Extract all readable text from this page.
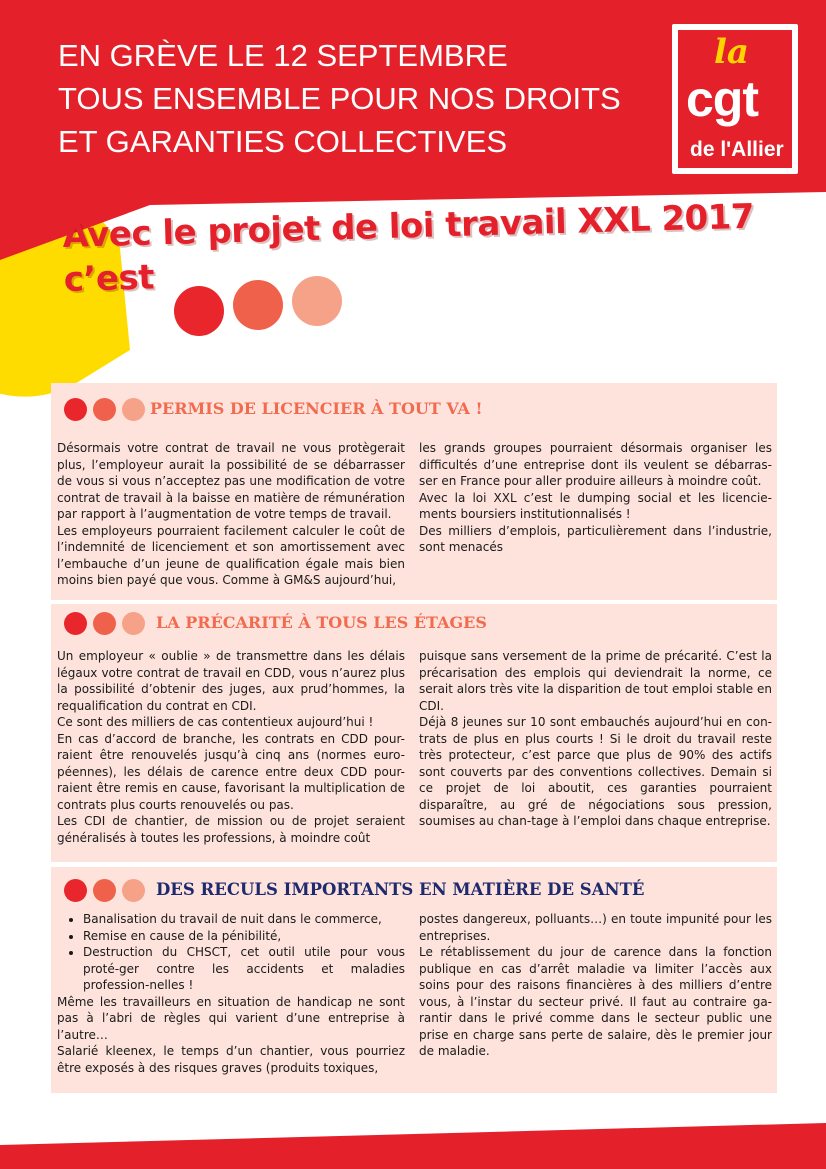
EN GRÈVE LE 12 SEPTEMBRE
TOUS ENSEMBLE POUR NOS DROITS
ET GARANTIES COLLECTIVES
la
cgt
de l'Allier
Avec le projet de loi travail XXL 2017
c’est
PERMIS DE LICENCIER À TOUT VA !

Désormais votre contrat de travail ne vous protègerait plus, l’employeur aurait la possibilité de se débarrasser de vous si vous n’acceptez pas une modification de votre contrat de travail à la baisse en matière de rémunération par rapport à l’augmentation de votre temps de travail.

Les employeurs pourraient facilement calculer le coût de l’indemnité de licenciement et son amortissement avec l’embauche d’un jeune de qualification égale mais bien moins bien payé que vous. Comme à GM&S aujourd’hui,

les grands groupes pourraient désormais organiser les difficultés d’une entreprise dont ils veulent se débarras-ser en France pour aller produire ailleurs à moindre coût.

Avec la loi XXL c’est le dumping social et les licencie-ments boursiers institutionnalisés !

Des milliers d’emplois, particulièrement dans l’industrie, sont menacés

LA PRÉCARITÉ À TOUS LES ÉTAGES

Un employeur « oublie » de transmettre dans les délais légaux votre contrat de travail en CDD, vous n’aurez plus la possibilité d’obtenir des juges, aux prud’hommes, la requalification du contrat en CDI.

Ce sont des milliers de cas contentieux aujourd’hui !

En cas d’accord de branche, les contrats en CDD pour-raient être renouvelés jusqu’à cinq ans (normes euro-péennes), les délais de carence entre deux CDD pour-raient être remis en cause, favorisant la multiplication de contrats plus courts renouvelés ou pas.

Les CDI de chantier, de mission ou de projet seraient généralisés à toutes les professions, à moindre coût

puisque sans versement de la prime de précarité. C’est la précarisation des emplois qui deviendrait la norme, ce serait alors très vite la disparition de tout emploi stable en CDI.

Déjà 8 jeunes sur 10 sont embauchés aujourd’hui en con-trats de plus en plus courts ! Si le droit du travail reste très protecteur, c’est parce que plus de 90% des actifs sont couverts par des conventions collectives. Demain si ce projet de loi aboutit, ces garanties pourraient disparaître, au gré de négociations sous pression, soumises au chan-tage à l’emploi dans chaque entreprise.

DES RECULS IMPORTANTS EN MATIÈRE DE SANTÉ
• Banalisation du travail de nuit dans le commerce,
• Remise en cause de la pénibilité,
• Destruction du CHSCT, cet outil utile pour vous proté-ger contre les accidents et maladies profession-nelles !

Même les travailleurs en situation de handicap ne sont pas à l’abri de règles qui varient d’une entreprise à l’autre…

Salarié kleenex, le temps d’un chantier, vous pourriez être exposés à des risques graves (produits toxiques,

postes dangereux, polluants…) en toute impunité pour les entreprises.

Le rétablissement du jour de carence dans la fonction publique en cas d’arrêt maladie va limiter l’accès aux soins pour des raisons financières à des milliers d’entre vous, à l’instar du secteur privé. Il faut au contraire ga-rantir dans le privé comme dans le secteur public une prise en charge sans perte de salaire, dès le premier jour de maladie.
